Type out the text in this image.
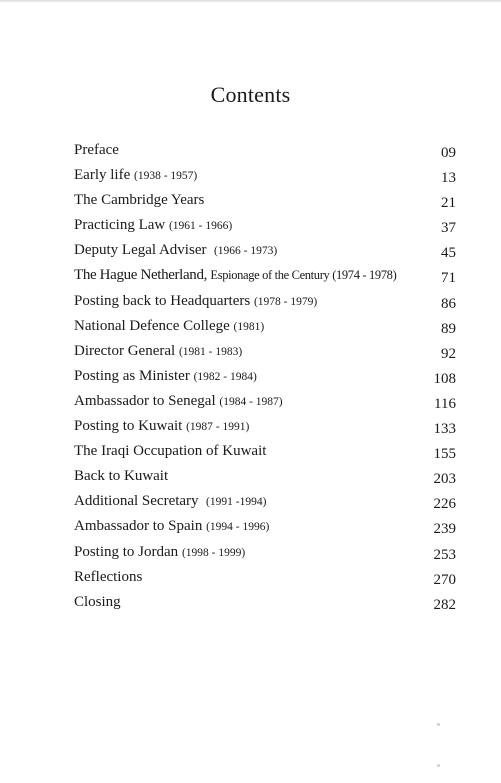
Contents
Preface	09
Early life (1938 - 1957)	13
The Cambridge Years	21
Practicing Law (1961 - 1966)	37
Deputy Legal Adviser (1966 - 1973)	45
The Hague Netherland, Espionage of the Century (1974 - 1978)	71
Posting back to Headquarters (1978 - 1979)	86
National Defence College (1981)	89
Director General (1981 - 1983)	92
Posting as Minister (1982 - 1984)	108
Ambassador to Senegal (1984 - 1987)	116
Posting to Kuwait (1987 - 1991)	133
The Iraqi Occupation of Kuwait	155
Back to Kuwait	203
Additional Secretary (1991 -1994)	226
Ambassador to Spain (1994 - 1996)	239
Posting to Jordan (1998 - 1999)	253
Reflections	270
Closing	282
